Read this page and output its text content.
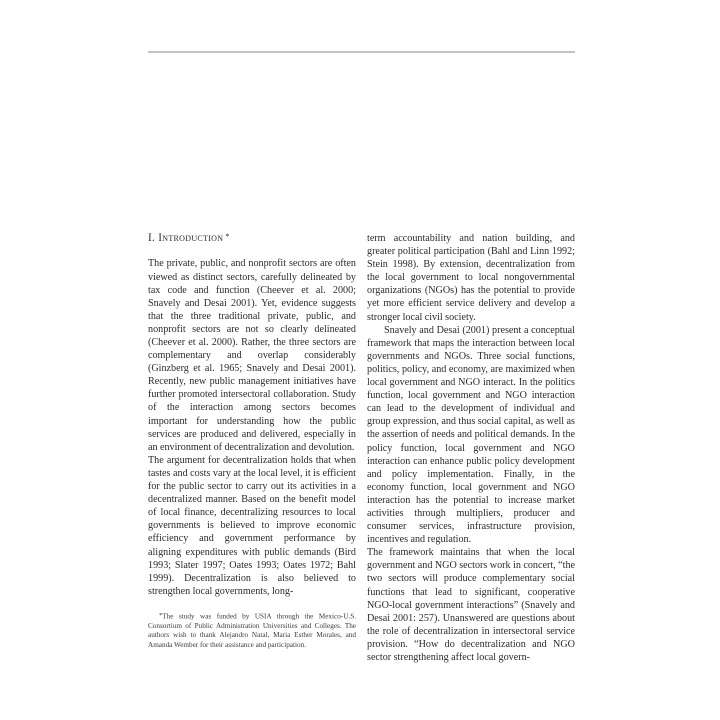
I. Introduction *

The private, public, and nonprofit sectors are often viewed as distinct sectors, carefully delineated by tax code and function (Cheever et al. 2000; Snavely and Desai 2001). Yet, evidence suggests that the three traditional private, public, and nonprofit sectors are not so clearly delineated (Cheever et al. 2000). Rather, the three sectors are complementary and overlap considerably (Ginzberg et al. 1965; Snavely and Desai 2001). Recently, new public management initiatives have further promoted intersectoral collaboration. Study of the interaction among sectors becomes important for understanding how the public services are produced and delivered, especially in an environment of decentralization and devolution.

The argument for decentralization holds that when tastes and costs vary at the local level, it is efficient for the public sector to carry out its activities in a decentralized manner. Based on the benefit model of local finance, decentralizing resources to local governments is believed to improve economic efficiency and government performance by aligning expenditures with public demands (Bird 1993; Slater 1997; Oates 1993; Oates 1972; Bahl 1999). Decentralization is also believed to strengthen local governments, long-

*The study was funded by USIA through the Mexico-U.S. Consortium of Public Administration Universities and Colleges. The authors wish to thank Alejandro Natal, Maria Esther Morales, and Amanda Wember for their assistance and participation.

term accountability and nation building, and greater political participation (Bahl and Linn 1992; Stein 1998). By extension, decentralization from the local government to local nongovernmental organizations (NGOs) has the potential to provide yet more efficient service delivery and develop a stronger local civil society.

Snavely and Desai (2001) present a conceptual framework that maps the interaction between local governments and NGOs. Three social functions, politics, policy, and economy, are maximized when local government and NGO interact. In the politics function, local government and NGO interaction can lead to the development of individual and group expression, and thus social capital, as well as the assertion of needs and political demands. In the policy function, local government and NGO interaction can enhance public policy development and policy implementation. Finally, in the economy function, local government and NGO interaction has the potential to increase market activities through multipliers, producer and consumer services, infrastructure provision, incentives and regulation.

The framework maintains that when the local government and NGO sectors work in concert, “the two sectors will produce complementary social functions that lead to significant, cooperative NGO-local government interactions” (Snavely and Desai 2001: 257). Unanswered are questions about the role of decentralization in intersectoral service provision. “How do decentralization and NGO sector strengthening affect local govern-
